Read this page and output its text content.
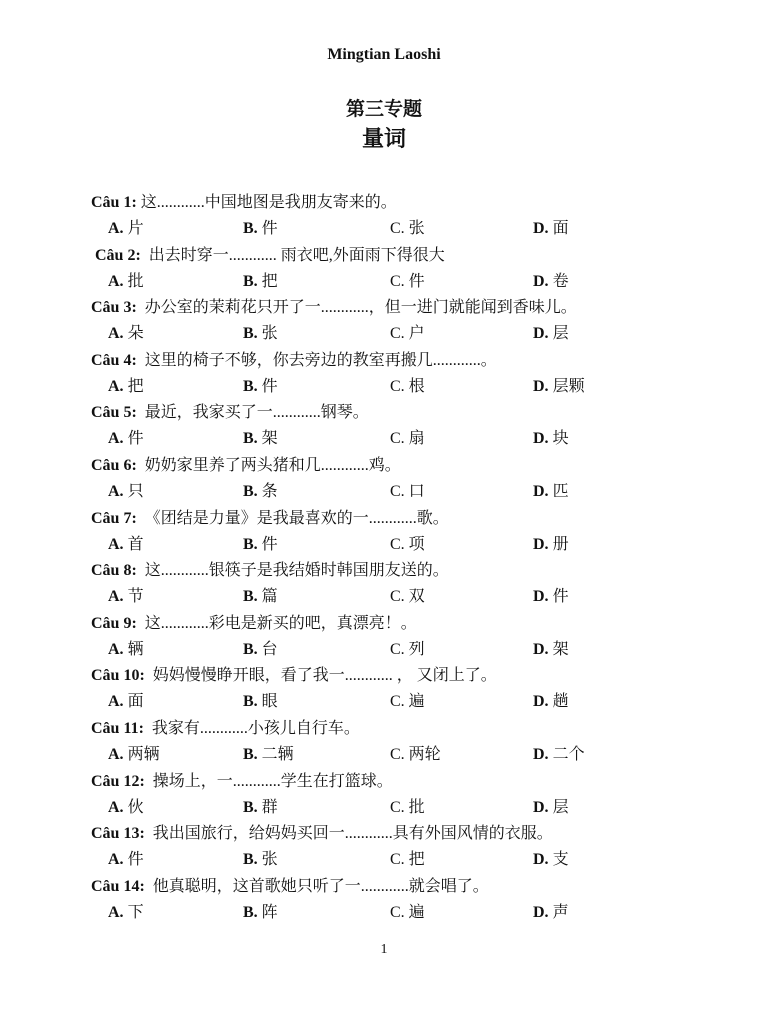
Mingtian Laoshi
第三专题
量词
Câu 1: 这............中国地图是我朋友寄来的。
A. 片	B. 件	C. 张	D. 面
Câu 2:  出去时穿一............ 雨衣吧,外面雨下得很大
A. 批	B. 把	C. 件	D. 卷
Câu 3:  办公室的茉莉花只开了一............，但一进门就能闻到香味儿。
A. 朵	B. 张	C. 户	D. 层
Câu 4:  这里的椅子不够，你去旁边的教室再搬几............。
A. 把	B. 件	C. 根	D. 层颗
Câu 5:  最近，我家买了一............钢琴。
A. 件	B. 架	C. 扇	D. 块
Câu 6:  奶奶家里养了两头猪和几............鸡。
A. 只	B. 条	C. 口	D. 匹
Câu 7:  《团结是力量》是我最喜欢的一............歌。
A. 首	B. 件	C. 项	D. 册
Câu 8:  这............银筷子是我结婚时韩国朋友送的。
A. 节	B. 篇	C. 双	D. 件
Câu 9:  这............彩电是新买的吧，真漂亮！。
A. 辆	B. 台	C. 列	D. 架
Câu 10:  妈妈慢慢睁开眼，看了我一............ ， 又闭上了。
A. 面	B. 眼	C. 遍	D. 趟
Câu 11:  我家有............小孩儿自行车。
A. 两辆	B. 二辆	C. 两轮	D. 二个
Câu 12:  操场上，一............学生在打篮球。
A. 伙	B. 群	C. 批	D. 层
Câu 13:  我出国旅行，给妈妈买回一............具有外国风情的衣服。
A. 件	B. 张	C. 把	D. 支
Câu 14:  他真聪明，这首歌她只听了一............就会唱了。
A. 下	B. 阵	C. 遍	D. 声
1
